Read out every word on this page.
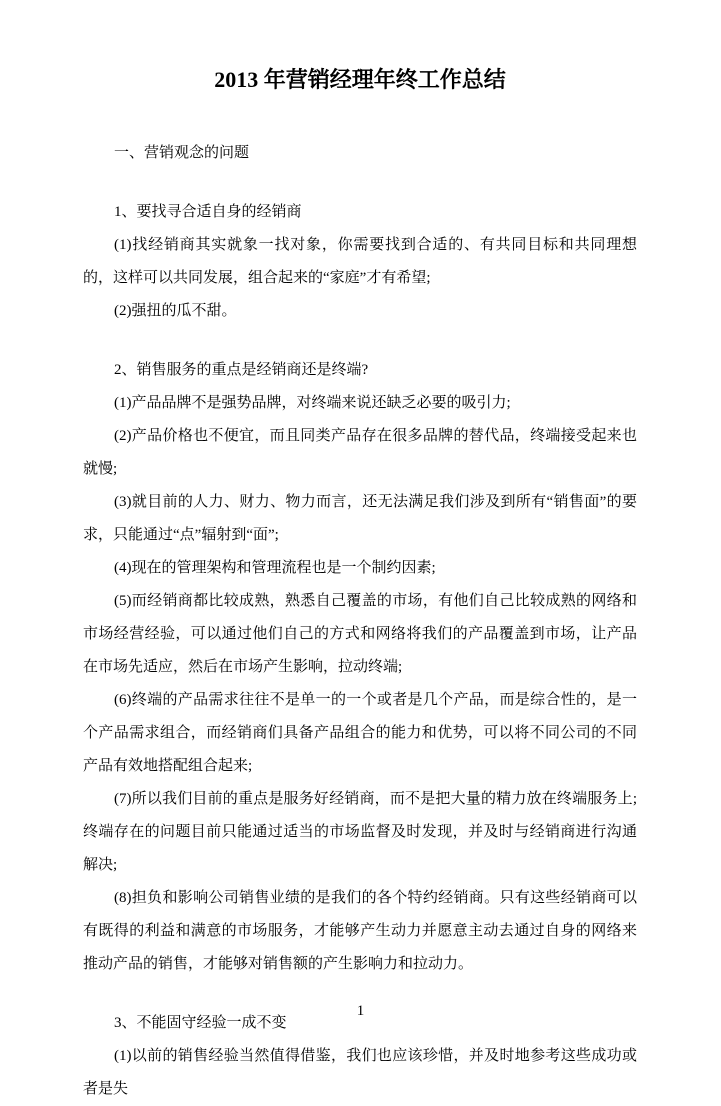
2013 年营销经理年终工作总结

一、营销观念的问题

1、要找寻合适自身的经销商

(1)找经销商其实就象一找对象，你需要找到合适的、有共同目标和共同理想的，这样可以共同发展，组合起来的“家庭”才有希望;

(2)强扭的瓜不甜。

2、销售服务的重点是经销商还是终端?

(1)产品品牌不是强势品牌，对终端来说还缺乏必要的吸引力;

(2)产品价格也不便宜，而且同类产品存在很多品牌的替代品，终端接受起来也就慢;

(3)就目前的人力、财力、物力而言，还无法满足我们涉及到所有“销售面”的要求，只能通过“点”辐射到“面”;

(4)现在的管理架构和管理流程也是一个制约因素;

(5)而经销商都比较成熟，熟悉自己覆盖的市场，有他们自己比较成熟的网络和市场经营经验，可以通过他们自己的方式和网络将我们的产品覆盖到市场，让产品在市场先适应，然后在市场产生影响，拉动终端;

(6)终端的产品需求往往不是单一的一个或者是几个产品，而是综合性的，是一个产品需求组合，而经销商们具备产品组合的能力和优势，可以将不同公司的不同产品有效地搭配组合起来;

(7)所以我们目前的重点是服务好经销商，而不是把大量的精力放在终端服务上;终端存在的问题目前只能通过适当的市场监督及时发现，并及时与经销商进行沟通解决;

(8)担负和影响公司销售业绩的是我们的各个特约经销商。只有这些经销商可以有既得的利益和满意的市场服务，才能够产生动力并愿意主动去通过自身的网络来推动产品的销售，才能够对销售额的产生影响力和拉动力。

3、不能固守经验一成不变

(1)以前的销售经验当然值得借鉴，我们也应该珍惜，并及时地参考这些成功或者是失

1
